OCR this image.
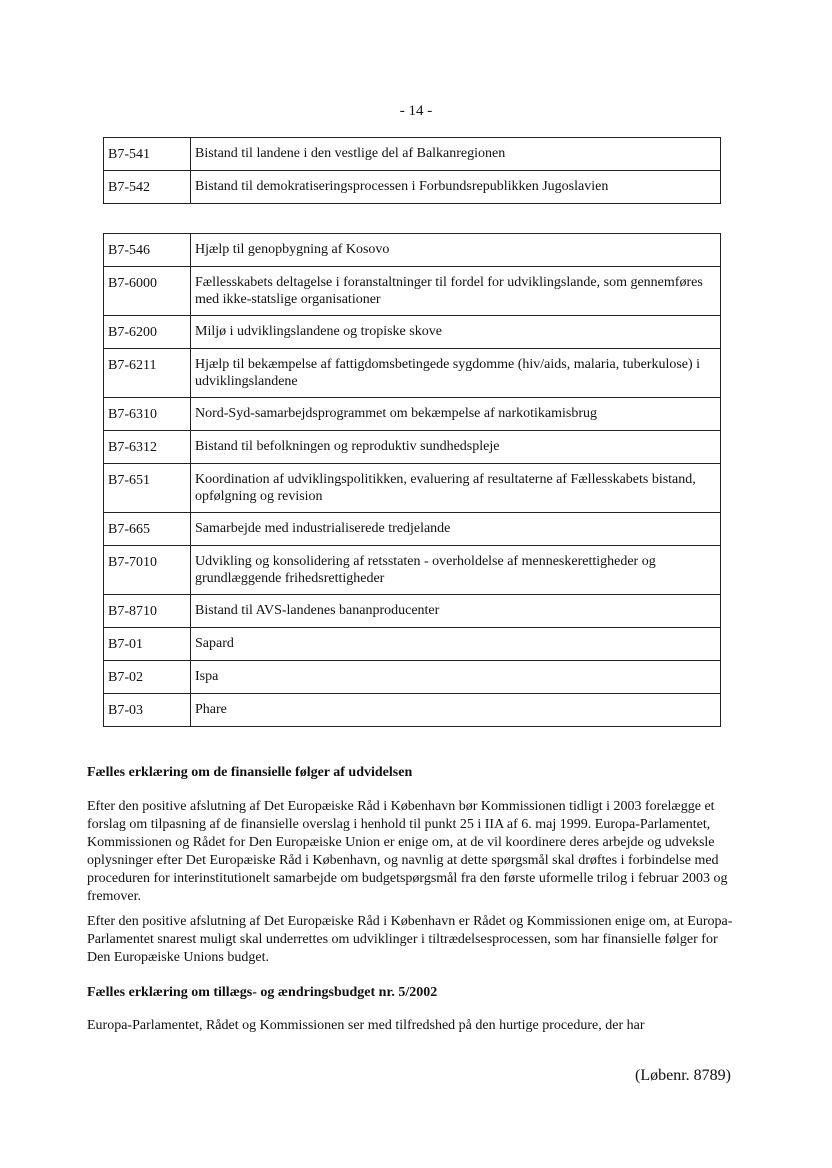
- 14 -
B7-541	Bistand til landene i den vestlige del af Balkanregionen
B7-542	Bistand til demokratiseringsprocessen i Forbundsrepublikken Jugoslavien
B7-546	Hjælp til genopbygning af Kosovo
B7-6000	Fællesskabets deltagelse i foranstaltninger til fordel for udviklingslande, som gennemføres med ikke-statslige organisationer
B7-6200	Miljø i udviklingslandene og tropiske skove
B7-6211	Hjælp til bekæmpelse af fattigdomsbetingede sygdomme (hiv/aids, malaria, tuberkulose) i udviklingslandene
B7-6310	Nord-Syd-samarbejdsprogrammet om bekæmpelse af narkotikamisbrug
B7-6312	Bistand til befolkningen og reproduktiv sundhedspleje
B7-651	Koordination af udviklingspolitikken, evaluering af resultaterne af Fællesskabets bistand, opfølgning og revision
B7-665	Samarbejde med industrialiserede tredjelande
B7-7010	Udvikling og konsolidering af retsstaten - overholdelse af menneskerettigheder og grundlæggende frihedsrettigheder
B7-8710	Bistand til AVS-landenes bananproducenter
B7-01	Sapard
B7-02	Ispa
B7-03	Phare
Fælles erklæring om de finansielle følger af udvidelsen
Efter den positive afslutning af Det Europæiske Råd i København bør Kommissionen tidligt i 2003 forelægge et forslag om tilpasning af de finansielle overslag i henhold til punkt 25 i IIA af 6. maj 1999. Europa-Parlamentet, Kommissionen og Rådet for Den Europæiske Union er enige om, at de vil koordinere deres arbejde og udveksle oplysninger efter Det Europæiske Råd i København, og navnlig at dette spørgsmål skal drøftes i forbindelse med proceduren for interinstitutionelt samarbejde om budgetspørgsmål fra den første uformelle trilog i februar 2003 og fremover.
Efter den positive afslutning af Det Europæiske Råd i København er Rådet og Kommissionen enige om, at Europa-Parlamentet snarest muligt skal underrettes om udviklinger i tiltrædelsesprocessen, som har finansielle følger for Den Europæiske Unions budget.
Fælles erklæring om tillægs- og ændringsbudget nr. 5/2002
Europa-Parlamentet, Rådet og Kommissionen ser med tilfredshed på den hurtige procedure, der har
(Løbenr. 8789)
